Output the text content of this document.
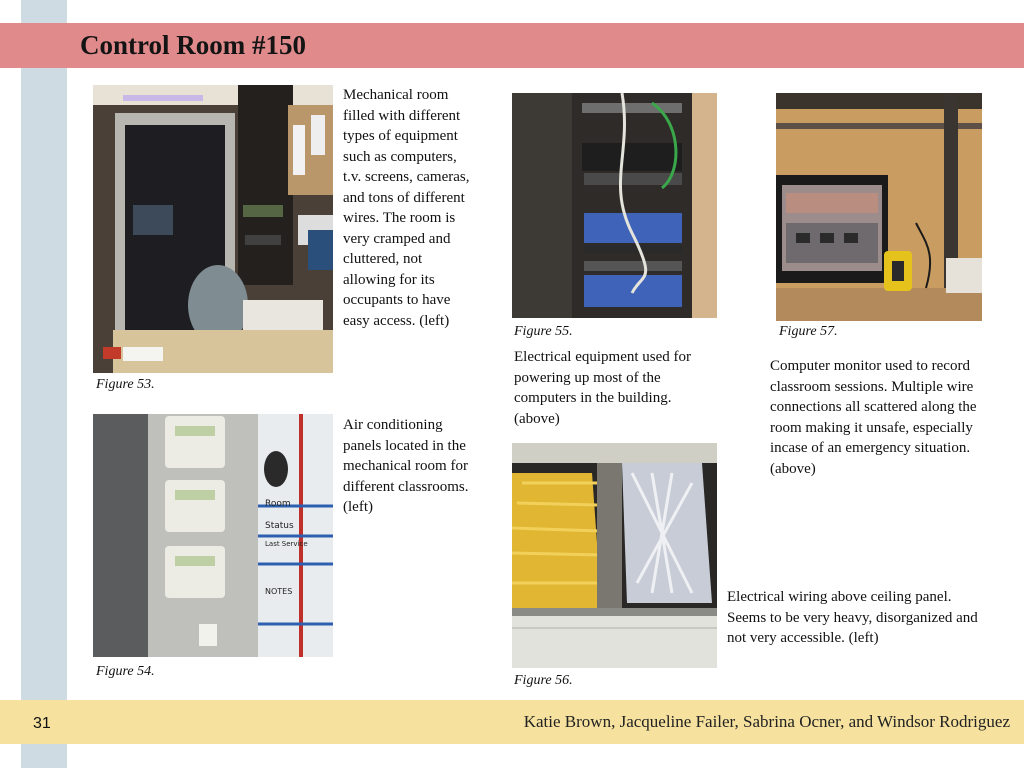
Control Room #150
Figure 53.
Mechanical room filled with different types of equipment such as computers, t.v. screens, cameras, and tons of different wires. The room is very cramped and cluttered, not allowing for its occupants to have easy access. (left)
Room
Status
Last Service
NOTES
Figure 54.
Air conditioning panels located in the mechanical room for different classrooms. (left)
Figure 55.
Electrical equipment used for powering up most of the computers in the building. (above)
Figure 56.
Electrical wiring above ceiling panel. Seems to be very heavy, disorganized and not very accessible. (left)
Figure 57.
Computer monitor used to record classroom sessions. Multiple wire connections all scattered along the room making it unsafe, especially incase of an emergency situation. (above)
31	Katie Brown, Jacqueline Failer, Sabrina Ocner, and Windsor Rodriguez
